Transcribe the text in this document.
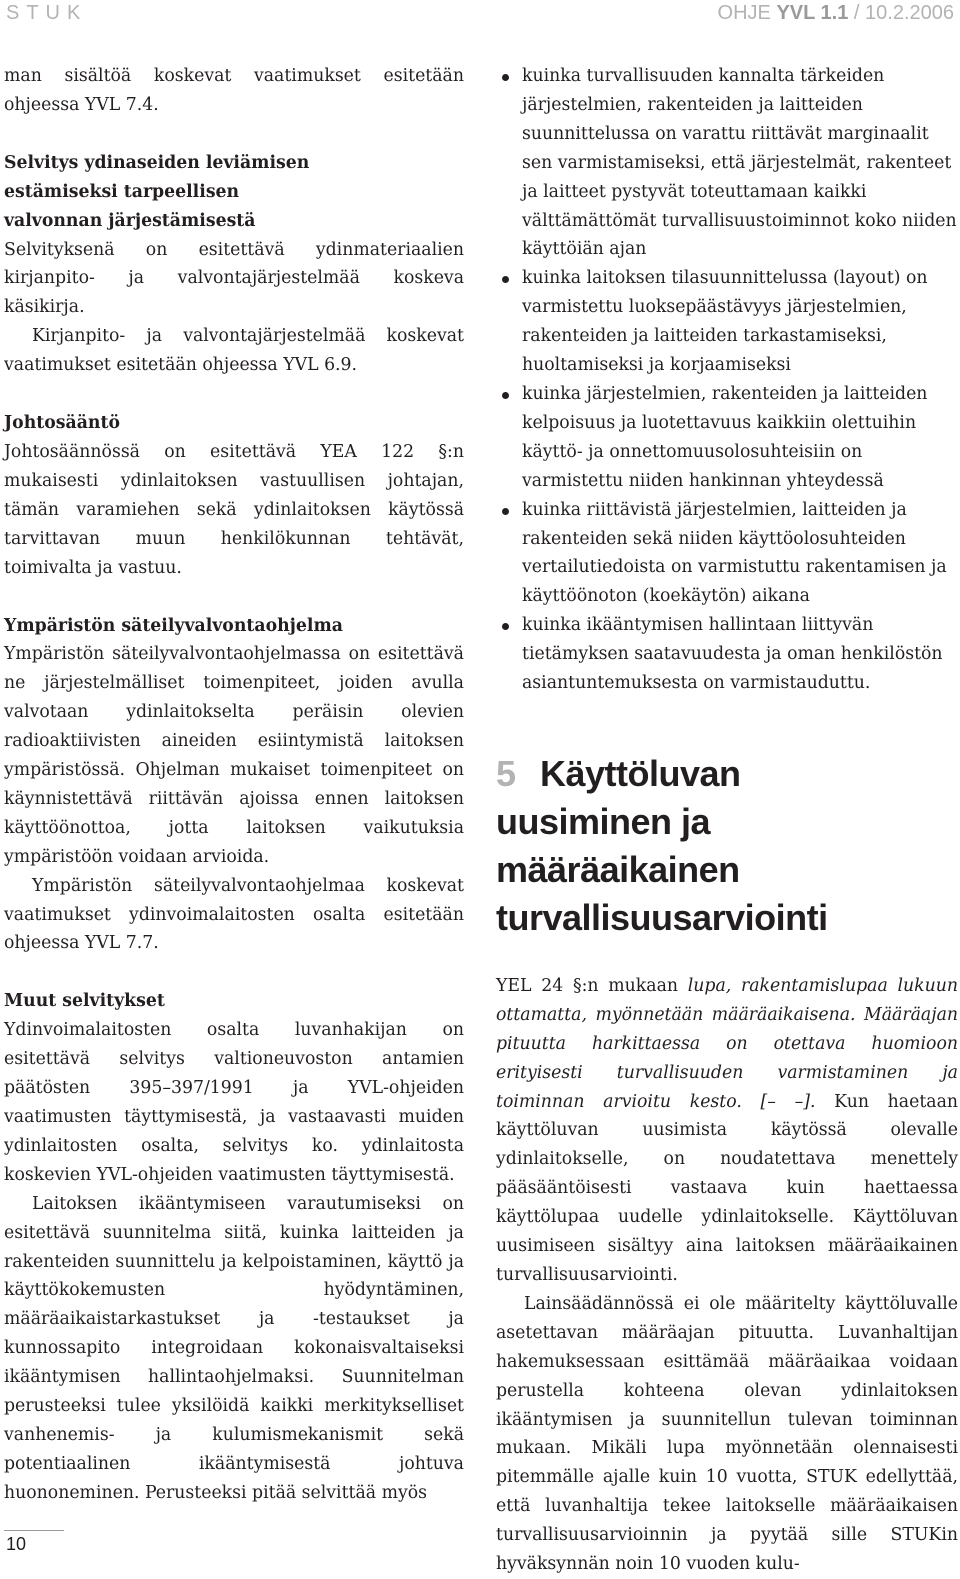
STUK	OHJE YVL 1.1 / 10.2.2006

man sisältöä koskevat vaatimukset esitetään ohjeessa YVL 7.4.

Selvitys ydinaseiden leviämisen
estämiseksi tarpeellisen
valvonnan järjestämisestä

Selvityksenä on esitettävä ydinmateriaalien kirjanpito- ja valvontajärjestelmää koskeva käsikirja.

Kirjanpito- ja valvontajärjestelmää koskevat vaatimukset esitetään ohjeessa YVL 6.9.

Johtosääntö

Johtosäännössä on esitettävä YEA 122 §:n mukaisesti ydinlaitoksen vastuullisen johtajan, tämän varamiehen sekä ydinlaitoksen käytössä tarvittavan muun henkilökunnan tehtävät, toimivalta ja vastuu.

Ympäristön säteilyvalvontaohjelma

Ympäristön säteilyvalvontaohjelmassa on esitettävä ne järjestelmälliset toimenpiteet, joiden avulla valvotaan ydinlaitokselta peräisin olevien radioaktiivisten aineiden esiintymistä laitoksen ympäristössä. Ohjelman mukaiset toimenpiteet on käynnistettävä riittävän ajoissa ennen laitoksen käyttöönottoa, jotta laitoksen vaikutuksia ympäristöön voidaan arvioida.

Ympäristön säteilyvalvontaohjelmaa koskevat vaatimukset ydinvoimalaitosten osalta esitetään ohjeessa YVL 7.7.

Muut selvitykset

Ydinvoimalaitosten osalta luvanhakijan on esitettävä selvitys valtioneuvoston antamien päätösten 395–397/1991 ja YVL-ohjeiden vaatimusten täyttymisestä, ja vastaavasti muiden ydinlaitosten osalta, selvitys ko. ydinlaitosta koskevien YVL-ohjeiden vaatimusten täyttymisestä.

Laitoksen ikääntymiseen varautumiseksi on esitettävä suunnitelma siitä, kuinka laitteiden ja rakenteiden suunnittelu ja kelpoistaminen, käyttö ja käyttökokemusten hyödyntäminen, määräaikaistarkastukset ja -testaukset ja kunnossapito integroidaan kokonaisvaltaiseksi ikääntymisen hallintaohjelmaksi. Suunnitelman perusteeksi tulee yksilöidä kaikki merkitykselliset vanhenemis- ja kulumismekanismit sekä potentiaalinen ikääntymisestä johtuva huononeminen. Perusteeksi pitää selvittää myös

kuinka turvallisuuden kannalta tärkeiden järjestelmien, rakenteiden ja laitteiden suunnittelussa on varattu riittävät marginaalit sen varmistamiseksi, että järjestelmät, rakenteet ja laitteet pystyvät toteuttamaan kaikki välttämättömät turvallisuustoiminnot koko niiden käyttöiän ajan
kuinka laitoksen tilasuunnittelussa (layout) on varmistettu luoksepäästävyys järjestelmien, rakenteiden ja laitteiden tarkastamiseksi, huoltamiseksi ja korjaamiseksi
kuinka järjestelmien, rakenteiden ja laitteiden kelpoisuus ja luotettavuus kaikkiin olettuihin käyttö- ja onnettomuusolosuhteisiin on varmistettu niiden hankinnan yhteydessä
kuinka riittävistä järjestelmien, laitteiden ja rakenteiden sekä niiden käyttöolosuhteiden vertailutiedoista on varmistuttu rakentamisen ja käyttöönoton (koekäytön) aikana
kuinka ikääntymisen hallintaan liittyvän tietämyksen saatavuudesta ja oman henkilöstön asiantuntemuksesta on varmistauduttu.
5 Käyttöluvan uusiminen ja määräaikainen turvallisuusarviointi

YEL 24 §:n mukaan lupa, rakentamislupaa lukuun ottamatta, myönnetään määräaikaisena. Määräajan pituutta harkittaessa on otettava huomioon erityisesti turvallisuuden varmistaminen ja toiminnan arvioitu kesto. [– –]. Kun haetaan käyttöluvan uusimista käytössä olevalle ydinlaitokselle, on noudatettava menettely pääsääntöisesti vastaava kuin haettaessa käyttölupaa uudelle ydinlaitokselle. Käyttöluvan uusimiseen sisältyy aina laitoksen määräaikainen turvallisuusarviointi.

Lainsäädännössä ei ole määritelty käyttöluvalle asetettavan määräajan pituutta. Luvanhaltijan hakemuksessaan esittämää määräaikaa voidaan perustella kohteena olevan ydinlaitoksen ikääntymisen ja suunnitellun tulevan toiminnan mukaan. Mikäli lupa myönnetään olennaisesti pitemmälle ajalle kuin 10 vuotta, STUK edellyttää, että luvanhaltija tekee laitokselle määräaikaisen turvallisuusarvioinnin ja pyytää sille STUKin hyväksynnän noin 10 vuoden kulu-

10
